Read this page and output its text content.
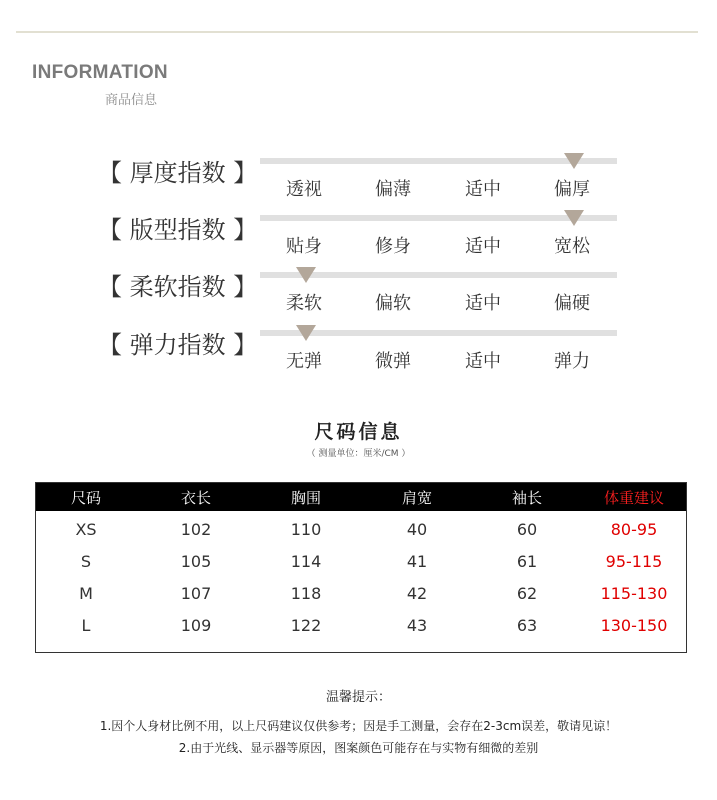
INFORMATION
商品信息
【 厚度指数 】
透视	偏薄	适中	偏厚
【 版型指数 】
贴身	修身	适中	宽松
【 柔软指数 】
柔软	偏软	适中	偏硬
【 弹力指数 】
无弹	微弹	适中	弹力
尺码信息
（ 测量单位：厘米/CM ）
尺码	衣长	胸围	肩宽	袖长	体重建议
XS	102	110	40	60	80-95
S	105	114	41	61	95-115
M	107	118	42	62	115-130
L	109	122	43	63	130-150
温馨提示：
1.因个人身材比例不用，以上尺码建议仅供参考；因是手工测量，会存在2-3cm误差，敬请见谅！
2.由于光线、显示器等原因，图案颜色可能存在与实物有细微的差别
